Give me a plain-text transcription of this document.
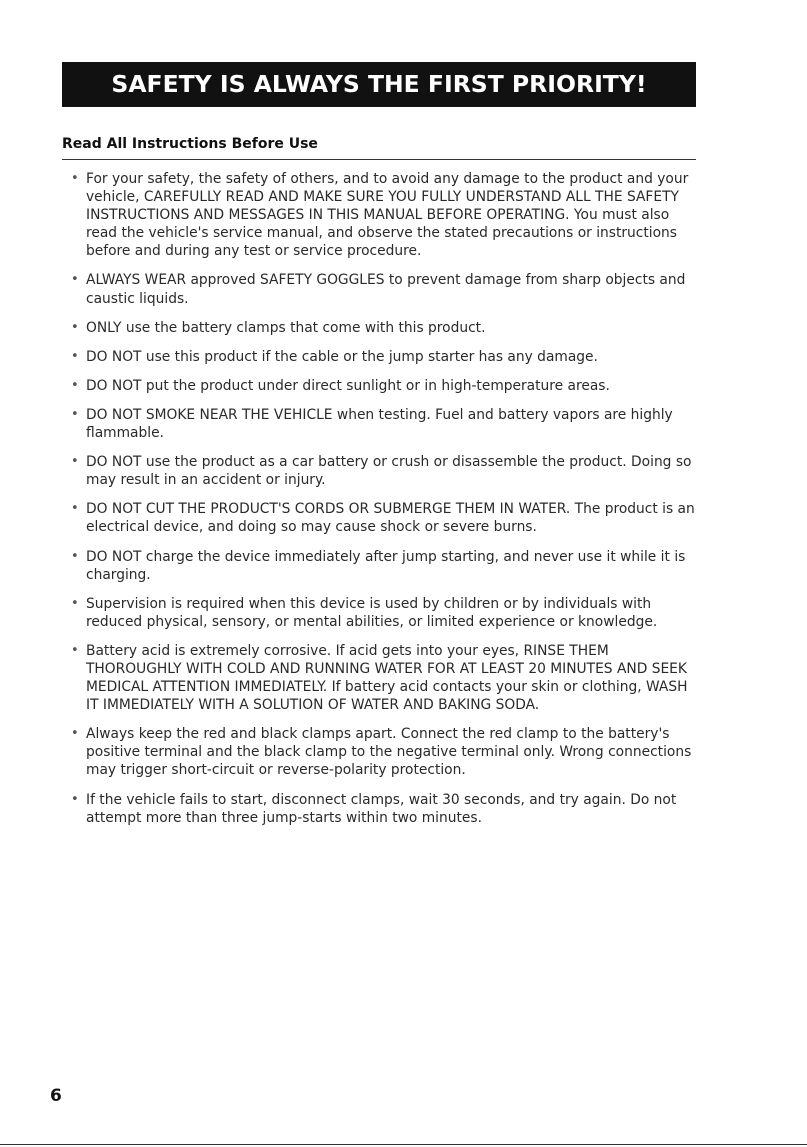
SAFETY IS ALWAYS THE FIRST PRIORITY!
Read All Instructions Before Use
• For your safety, the safety of others, and to avoid any damage to the product and your vehicle, CAREFULLY READ AND MAKE SURE YOU FULLY UNDERSTAND ALL THE SAFETY INSTRUCTIONS AND MESSAGES IN THIS MANUAL BEFORE OPERATING. You must also read the vehicle's service manual, and observe the stated precautions or instructions before and during any test or service procedure.
• ALWAYS WEAR approved SAFETY GOGGLES to prevent damage from sharp objects and caustic liquids.
• ONLY use the battery clamps that come with this product.
• DO NOT use this product if the cable or the jump starter has any damage.
• DO NOT put the product under direct sunlight or in high-temperature areas.
• DO NOT SMOKE NEAR THE VEHICLE when testing. Fuel and battery vapors are highly flammable.
• DO NOT use the product as a car battery or crush or disassemble the product. Doing so may result in an accident or injury.
• DO NOT CUT THE PRODUCT'S CORDS OR SUBMERGE THEM IN WATER. The product is an electrical device, and doing so may cause shock or severe burns.
• DO NOT charge the device immediately after jump starting, and never use it while it is charging.
• Supervision is required when this device is used by children or by individuals with reduced physical, sensory, or mental abilities, or limited experience or knowledge.
• Battery acid is extremely corrosive. If acid gets into your eyes, RINSE THEM THOROUGHLY WITH COLD AND RUNNING WATER FOR AT LEAST 20 MINUTES AND SEEK MEDICAL ATTENTION IMMEDIATELY. If battery acid contacts your skin or clothing, WASH IT IMMEDIATELY WITH A SOLUTION OF WATER AND BAKING SODA.
• Always keep the red and black clamps apart. Connect the red clamp to the battery's positive terminal and the black clamp to the negative terminal only. Wrong connections may trigger short-circuit or reverse-polarity protection.
• If the vehicle fails to start, disconnect clamps, wait 30 seconds, and try again. Do not attempt more than three jump-starts within two minutes.
6
